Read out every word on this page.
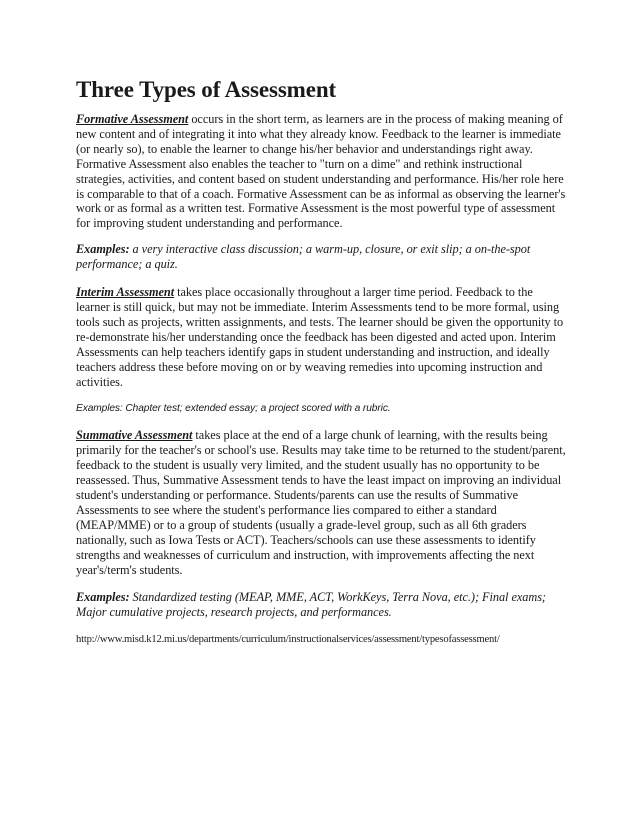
Three Types of Assessment

Formative Assessment occurs in the short term, as learners are in the process of making meaning of new content and of integrating it into what they already know. Feedback to the learner is immediate (or nearly so), to enable the learner to change his/her behavior and understandings right away. Formative Assessment also enables the teacher to "turn on a dime" and rethink instructional strategies, activities, and content based on student understanding and performance. His/her role here is comparable to that of a coach. Formative Assessment can be as informal as observing the learner's work or as formal as a written test. Formative Assessment is the most powerful type of assessment for improving student understanding and performance.

Examples: a very interactive class discussion; a warm-up, closure, or exit slip; a on-the-spot performance; a quiz.

Interim Assessment takes place occasionally throughout a larger time period. Feedback to the learner is still quick, but may not be immediate. Interim Assessments tend to be more formal, using tools such as projects, written assignments, and tests. The learner should be given the opportunity to re-demonstrate his/her understanding once the feedback has been digested and acted upon. Interim Assessments can help teachers identify gaps in student understanding and instruction, and ideally teachers address these before moving on or by weaving remedies into upcoming instruction and activities.

Examples: Chapter test; extended essay; a project scored with a rubric.

Summative Assessment takes place at the end of a large chunk of learning, with the results being primarily for the teacher's or school's use. Results may take time to be returned to the student/parent, feedback to the student is usually very limited, and the student usually has no opportunity to be reassessed. Thus, Summative Assessment tends to have the least impact on improving an individual student's understanding or performance. Students/parents can use the results of Summative Assessments to see where the student's performance lies compared to either a standard (MEAP/MME) or to a group of students (usually a grade-level group, such as all 6th graders nationally, such as Iowa Tests or ACT). Teachers/schools can use these assessments to identify strengths and weaknesses of curriculum and instruction, with improvements affecting the next year's/term's students.

Examples: Standardized testing (MEAP, MME, ACT, WorkKeys, Terra Nova, etc.); Final exams; Major cumulative projects, research projects, and performances.

http://www.misd.k12.mi.us/departments/curriculum/instructionalservices/assessment/typesofassessment/
